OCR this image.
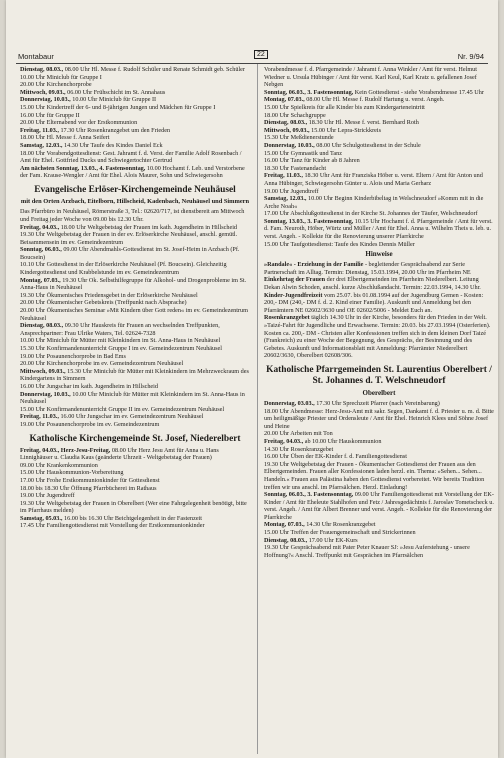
Montabaur	22	Nr. 9/94

Dienstag, 08.03., 08.00 Uhr Hl. Messe f. Rudolf Schüler und Renate Schmidt geb. Schüler

10.00 Uhr Miniclub für Gruppe I

20.00 Uhr Kirchenchorprobe

Mittwoch, 09.03., 06.00 Uhr Frühschicht im St. Annahaus

Donnerstag, 10.03., 10.00 Uhr Miniclub für Gruppe II

15.00 Uhr Kindertreff der 6- und 8-jährigen Jungen und Mädchen für Gruppe I

16.00 Uhr für Gruppe II

20.00 Uhr Elternabend vor der Erstkommunion

Freitag, 11.03., 17.30 Uhr Rosenkranzgebet um den Frieden

18.00 Uhr Hl. Messe f. Anna Seifert

Samstag, 12.03., 14.30 Uhr Taufe des Kindes Daniel Eck

18.00 Uhr Vorabendgottesdienst: Gest. Jahramt f. d. Verst. der Familie Adolf Rosenbach / Amt für Ehel. Gottfried Ducks und Schwiegertochter Gertrud

Am nächsten Sonntag, 13.03., 4. Fastensonntag, 10.00 Hochamt f. Leb. und Verstorbene der Fam. Krause-Wengler / Amt für Ehel. Alois Maurer, Sohn und Schwiegersohn

Evangelische Erlöser-Kirchengemeinde Neuhäusel
mit den Orten Arzbach, Eitelborn, Hillscheid, Kadenbach, Neuhäusel und Simmern

Das Pfarrbüro in Neuhäusel, Römerstraße 3, Tel.: 02620/717, ist dienstbereit am Mittwoch und Freitag jeder Woche von 09.00 bis 12.30 Uhr.

Freitag, 04.03., 18.00 Uhr Weltgebetstag der Frauen im kath. Jugendheim in Hillscheid

19.30 Uhr Weltgebetstag der Frauen in der ev. Erlöserkirche Neuhäusel, anschl. gemütl. Beisammensein im ev. Gemeindezentrum

Sonntag, 06.03., 09.00 Uhr Abendmahls-Gottesdienst im St. Josef-Heim in Arzbach (Pf. Boucsein)

10.10 Uhr Gottesdienst in der Erlöserkirche Neuhäusel (Pf. Boucsein). Gleichzeitig Kindergottesdienst und Krabbelstunde im ev. Gemeindezentrum

Montag, 07.03., 19.30 Uhr Ok. Selbsthilfegruppe für Alkohol- und Drogenprobleme im St. Anna-Haus in Neuhäusel

19.30 Uhr Ökumenisches Friedensgebet in der Erlöserkirche Neuhäusel

20.00 Uhr Ökumenischer Gebetskreis (Treffpunkt nach Absprache)

20.00 Uhr Ökumenisches Seminar »Mit Kindern über Gott reden« im ev. Gemeindezentrum Neuhäusel

Dienstag, 08.03., 09.30 Uhr Hauskreis für Frauen an wechselnden Treffpunkten, Ansprechpartner: Frau Ulrike Waters, Tel. 02624-7328

10.00 Uhr Miniclub für Mütter mit Kleinkindern im St. Anna-Haus in Neuhäusel

15.30 Uhr Konfirmandenunterricht Gruppe I im ev. Gemeindezentrum Neuhäusel

19.00 Uhr Posaunenchorprobe in Bad Ems

20.00 Uhr Kirchenchorprobe im ev. Gemeindezentrum Neuhäusel

Mittwoch, 09.03., 15.30 Uhr Miniclub für Mütter mit Kleinkindern im Mehrzweckraum des Kindergartens in Simmern

16.00 Uhr Jungschar im kath. Jugendheim in Hillscheid

Donnerstag, 10.03., 10.00 Uhr Miniclub für Mütter mit Kleinkindern im St. Anna-Haus in Neuhäusel

15.00 Uhr Konfirmandenunterricht Gruppe II im ev. Gemeindezentrum Neuhäusel

Freitag, 11.03., 16.00 Uhr Jungschar im ev. Gemeindezentrum Neuhäusel

19.00 Uhr Posaunenchorprobe im ev. Gemeindezentrum

Katholische Kirchengemeinde St. Josef, Niederelbert

Freitag, 04.03., Herz-Jesu-Freitag, 08.00 Uhr Herz Jesu Amt für Anna u. Hans Linnighäuser u. Claudia Kaus (geänderte Uhrzeit - Weltgebetstag der Frauen)

09.00 Uhr Krankenkommunion

15.00 Uhr Hauskommunion-Vorbereitung

17.00 Uhr Frohe Erstkommunionkinder für Gottesdienst

18.00 bis 18.30 Uhr Öffnung Pfarrbücherei im Rathaus

19.00 Uhr Jugendtreff

19.30 Uhr Weltgebetstag der Frauen in Oberelbert (Wer eine Fahrgelegenheit benötigt, bitte im Pfarrhaus melden)

Samstag, 05.03., 16.00 bis 16.30 Uhr Beichtgelegenheit in der Fastenzeit

17.45 Uhr Familiengottesdienst mit Vorstellung der Erstkommunionkinder

Vorabendmesse f. d. Pfarrgemeinde / Jahramt f. Anna Winkler / Amt für verst. Helmut Wiedner u. Ursula Hübinger / Amt für verst. Karl Keul, Karl Kratz u. gefallenen Josef Nebgen

Sonntag, 06.03., 3. Fastensonntag, Kein Gottesdienst - siehe Vorabendmesse 17.45 Uhr

Montag, 07.03., 08.00 Uhr Hl. Messe f. Rudolf Hartung u. verst. Angeh.

15.00 Uhr Spielkreis für alle Kinder bis zum Kindergarteneintritt

18.00 Uhr Schachgruppe

Dienstag, 08.03., 18.30 Uhr Hl. Messe f. verst. Bernhard Roth

Mittwoch, 09.03., 15.00 Uhr Lepra-Strickkreis

15.30 Uhr Meßdienerstunde

Donnerstag, 10.03., 08.00 Uhr Schulgottesdienst in der Schule

15.00 Uhr Gymnastik und Tanz

16.00 Uhr Tanz für Kinder ab 8 Jahren

18.30 Uhr Fastenandacht

Freitag, 11.03., 18.30 Uhr Amt für Franziska Höber u. verst. Eltern / Amt für Anton und Anna Hübinger, Schwiegersohn Günter u. Alois und Maria Gerharz

19.00 Uhr Jugendtreff

Samstag, 12.03., 10.00 Uhr Beginn Kinderbibeltag in Welschneudorf »Komm mit in die Arche Noah«

17.00 Uhr Abschlußgottesdienst in der Kirche St. Johannes der Täufer, Welschneudorf

Sonntag, 13.03., 3. Fastensonntag, 10.15 Uhr Hochamt f. d. Pfarrgemeinde / Amt für verst. d. Fam. Neuroth, Höber, Würtz und Müller / Amt für Ehel. Anna u. Wilhelm Theis u. leb. u. verst. Angeh. - Kollekte für die Renovierung unserer Pfarrkirche

15.00 Uhr Taufgottesdienst: Taufe des Kindes Dennis Müller

Hinweise

»Randale« - Erziehung in der Familie - begleitender Gesprächsabend zur Serie Partnerschaft im Alltag. Termin: Dienstag, 15.03.1994, 20.00 Uhr im Pfarrheim NE

Einkehrtag der Frauen der drei Elbertgemeinden im Pfarrheim Niederelbert. Leitung Dekan Alwin Schoden, anschl. kurze Abschlußandacht. Termin: 22.03.1994, 14.30 Uhr.

Kinder-Jugendfreizeit vom 25.07. bis 01.08.1994 auf der Jugendburg Gemen - Kosten: 200,- DM (240,- DM f. d. 2. Kind einer Familie). Auskunft und Anmeldung bei den Pfarrämtern NE 02602/3630 und OE 02602/5006 - Meldet Euch an.

Rosenkranzgebet täglich 14.30 Uhr in der Kirche, besonders für den Frieden in der Welt.

»Taizé-Fahrt für Jugendliche und Erwachsene. Termin: 20.03. bis 27.03.1994 (Osterferien). Kosten ca. 200,- DM - Christen aller Konfessionen treffen sich in dem kleinen Dorf Taizé (Frankreich) zu einer Woche der Begegnung, des Gesprächs, der Besinnung und des Gebetes. Auskunft und Informationsblatt mit Anmeldung: Pfarrämter Niederelbert 20602/3630, Oberelbert 02608/306.

Katholische Pfarrgemeinden St. Laurentius Oberelbert / St. Johannes d. T. Welschneudorf
Oberelbert

Donnerstag, 03.03., 17.30 Uhr Sprechzeit Pfarrer (nach Vereinbarung)

18.00 Uhr Abendmesse: Herz-Jesu-Amt mit sakr. Segen, Dankamt f. d. Priester u. m. d. Bitte um heiligmäßige Priester und Ordensleute / Amt für Ehel. Heinrich Klees und Söhne Josef und Heine

20.00 Uhr Arbeiten mit Ton

Freitag, 04.03., ab 10.00 Uhr Hauskommunion

14.30 Uhr Rosenkranzgebet

16.00 Uhr Üben der EK-Kinder f. d. Familiengottesdienst

19.30 Uhr Weltgebetstag der Frauen - Ökumenischer Gottesdienst der Frauen aus den Elbertgemeinden. Frauen aller Konfessionen laden herzl. ein. Thema: »Sehen... Sehen... Handeln.« Frauen aus Palästina haben den Gottesdienst vorbereitet. Wir bereits Tradition treffen wir uns anschl. im Pfarrsälchen. Herzl. Einladung!

Sonntag, 06.03., 3. Fastensonntag, 09.00 Uhr Familiengottesdienst mit Vorstellung der EK-Kinder / Amt für Eheleute Stahlhofen und Fetz / Jahresgedächtnis f. Jaroslav Tometscheck u. verst. Angeh. / Amt für Albert Brenner und verst. Angeh. - Kollekte für die Renovierung der Pfarrkirche

Montag, 07.03., 14.30 Uhr Rosenkranzgebet

15.00 Uhr Treffen der Frauengemeinschaft und Strickerinnen

Dienstag, 08.03., 17.00 Uhr EK-Kurs

19.30 Uhr Gesprächsabend mit Pater Peter Knauer SJ: »Jesu Auferstehung - unsere Hoffnung?« Anschl. Treffpunkt mit Gesprächen im Pfarrsälchen
